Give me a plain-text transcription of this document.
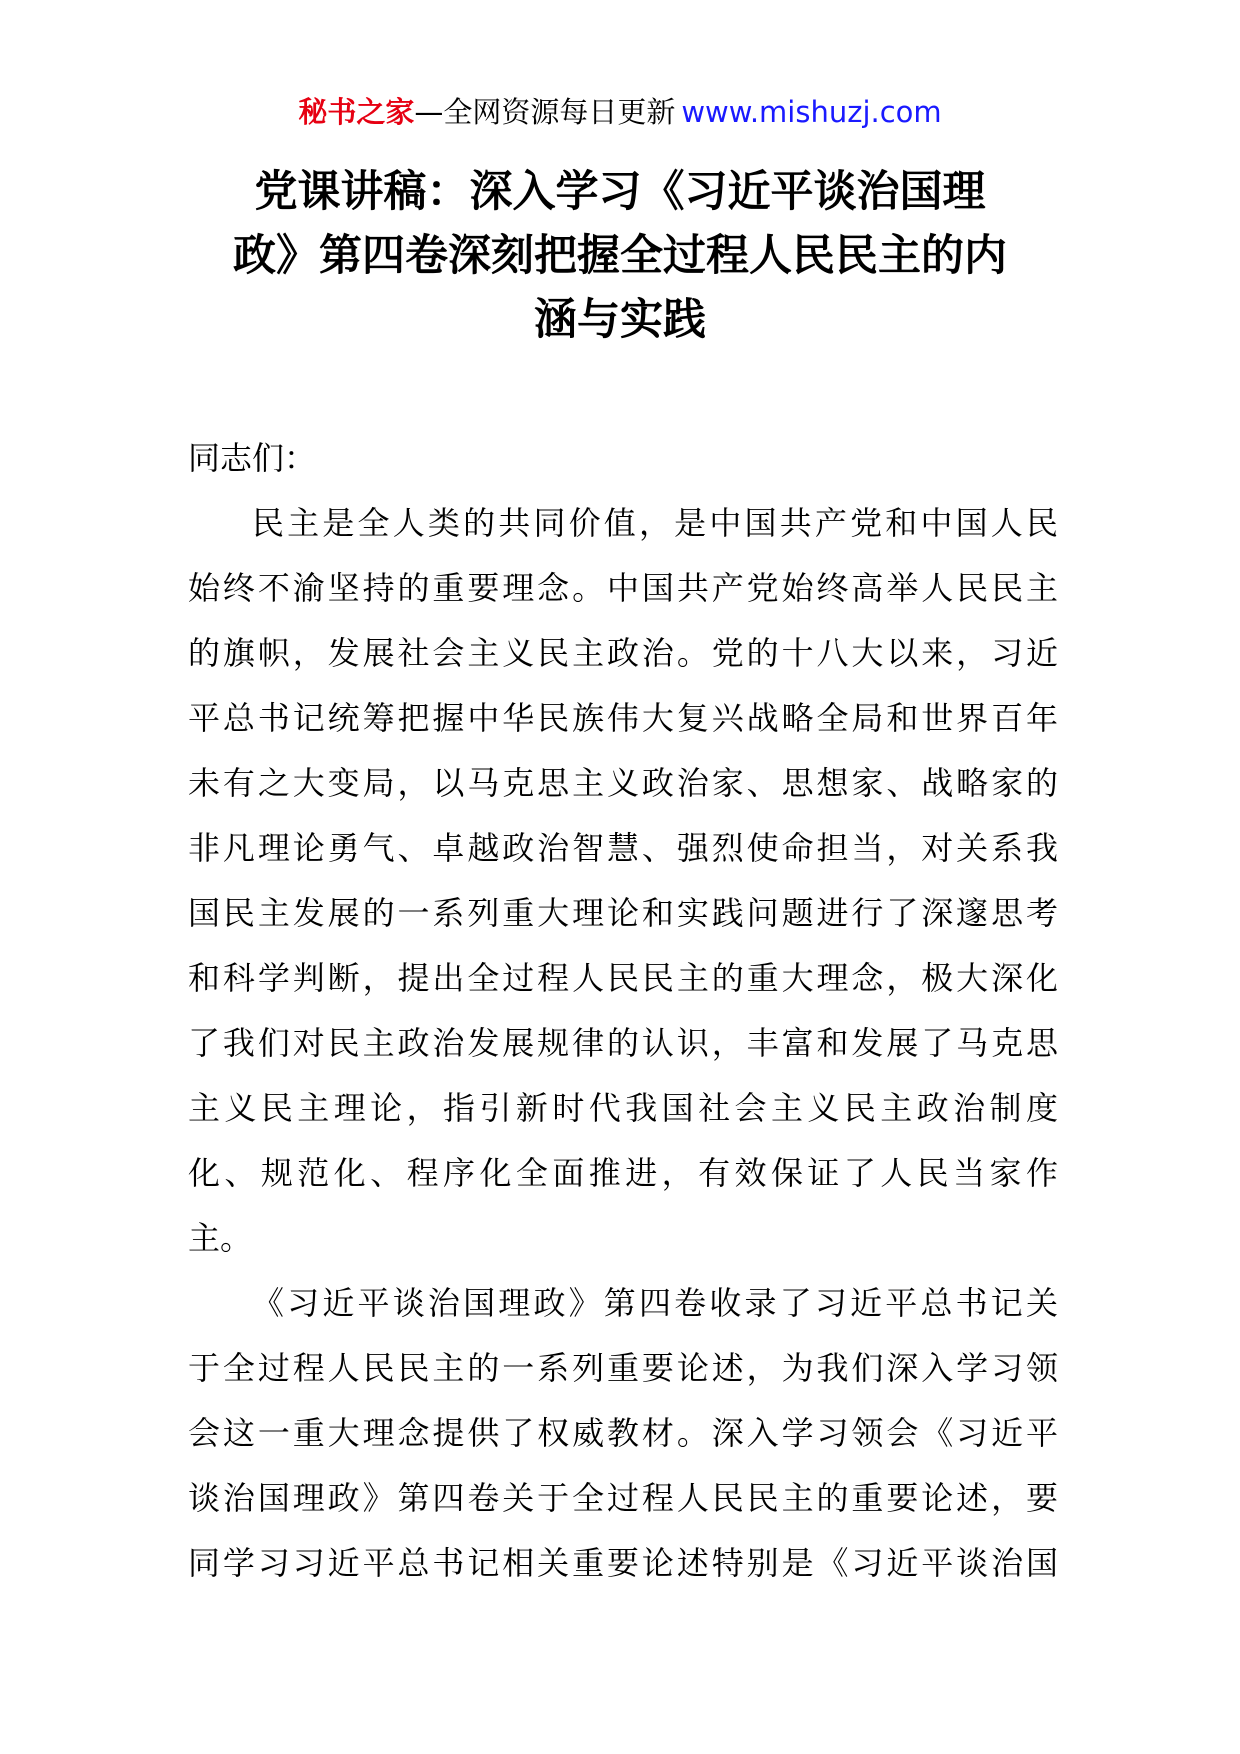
秘书之家—全网资源每日更新 www.mishuzj.com
党课讲稿：深入学习《习近平谈治国理
政》第四卷深刻把握全过程人民民主的内
涵与实践
同志们：
民主是全人类的共同价值，是中国共产党和中国人民
始终不渝坚持的重要理念。中国共产党始终高举人民民主
的旗帜，发展社会主义民主政治。党的十八大以来，习近
平总书记统筹把握中华民族伟大复兴战略全局和世界百年
未有之大变局，以马克思主义政治家、思想家、战略家的
非凡理论勇气、卓越政治智慧、强烈使命担当，对关系我
国民主发展的一系列重大理论和实践问题进行了深邃思考
和科学判断，提出全过程人民民主的重大理念，极大深化
了我们对民主政治发展规律的认识，丰富和发展了马克思
主义民主理论，指引新时代我国社会主义民主政治制度
化、规范化、程序化全面推进，有效保证了人民当家作
主。
《习近平谈治国理政》第四卷收录了习近平总书记关
于全过程人民民主的一系列重要论述，为我们深入学习领
会这一重大理念提供了权威教材。深入学习领会《习近平
谈治国理政》第四卷关于全过程人民民主的重要论述，要
同学习习近平总书记相关重要论述特别是《习近平谈治国
